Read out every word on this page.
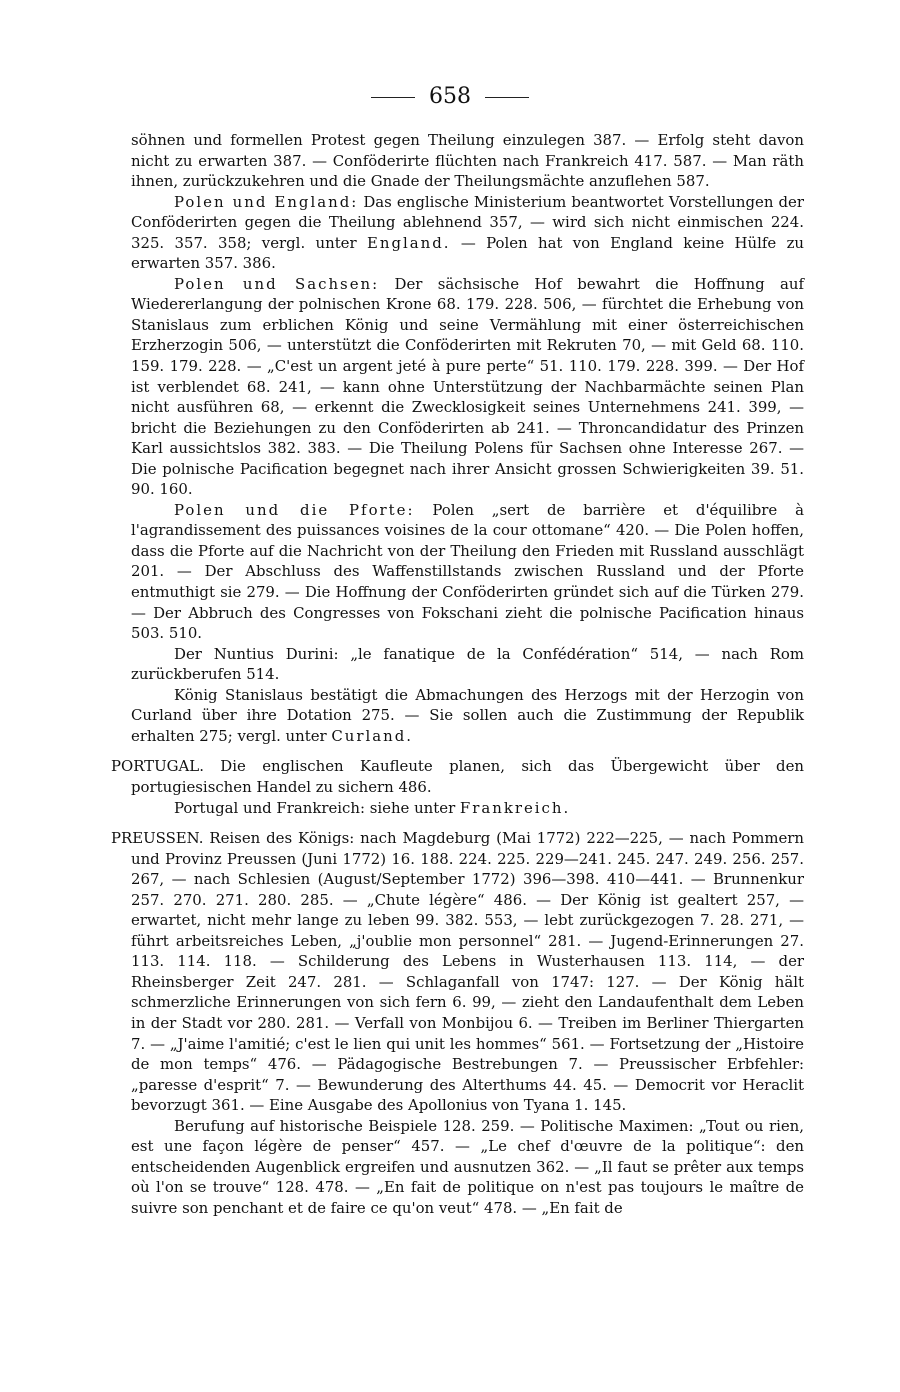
658

söhnen und formellen Protest gegen Theilung einzulegen 387. — Erfolg steht davon nicht zu erwarten 387. — Conföderirte flüchten nach Frankreich 417. 587. — Man räth ihnen, zurückzukehren und die Gnade der Theilungsmächte anzuflehen 587.

Polen und England: Das englische Ministerium beantwortet Vorstellungen der Conföderirten gegen die Theilung ablehnend 357, — wird sich nicht einmischen 224. 325. 357. 358; vergl. unter England. — Polen hat von England keine Hülfe zu erwarten 357. 386.

Polen und Sachsen: Der sächsische Hof bewahrt die Hoffnung auf Wiedererlangung der polnischen Krone 68. 179. 228. 506, — fürchtet die Erhebung von Stanislaus zum erblichen König und seine Vermählung mit einer österreichischen Erzherzogin 506, — unterstützt die Conföderirten mit Rekruten 70, — mit Geld 68. 110. 159. 179. 228. — „C'est un argent jeté à pure perte“ 51. 110. 179. 228. 399. — Der Hof ist verblendet 68. 241, — kann ohne Unterstützung der Nachbarmächte seinen Plan nicht ausführen 68, — erkennt die Zwecklosigkeit seines Unternehmens 241. 399, — bricht die Beziehungen zu den Conföderirten ab 241. — Throncandidatur des Prinzen Karl aussichtslos 382. 383. — Die Theilung Polens für Sachsen ohne Interesse 267. — Die polnische Pacification begegnet nach ihrer Ansicht grossen Schwierigkeiten 39. 51. 90. 160.

Polen und die Pforte: Polen „sert de barrière et d'équilibre à l'agrandissement des puissances voisines de la cour ottomane“ 420. — Die Polen hoffen, dass die Pforte auf die Nachricht von der Theilung den Frieden mit Russland ausschlägt 201. — Der Abschluss des Waffenstillstands zwischen Russland und der Pforte entmuthigt sie 279. — Die Hoffnung der Conföderirten gründet sich auf die Türken 279. — Der Abbruch des Congresses von Fokschani zieht die polnische Pacification hinaus 503. 510.

Der Nuntius Durini: „le fanatique de la Confédération“ 514, — nach Rom zurückberufen 514.

König Stanislaus bestätigt die Abmachungen des Herzogs mit der Herzogin von Curland über ihre Dotation 275. — Sie sollen auch die Zustimmung der Republik erhalten 275; vergl. unter Curland.

PORTUGAL. Die englischen Kaufleute planen, sich das Übergewicht über den portugiesischen Handel zu sichern 486.

Portugal und Frankreich: siehe unter Frankreich.

PREUSSEN. Reisen des Königs: nach Magdeburg (Mai 1772) 222—225, — nach Pommern und Provinz Preussen (Juni 1772) 16. 188. 224. 225. 229—241. 245. 247. 249. 256. 257. 267, — nach Schlesien (August/September 1772) 396—398. 410—441. — Brunnenkur 257. 270. 271. 280. 285. — „Chute légère“ 486. — Der König ist gealtert 257, — erwartet, nicht mehr lange zu leben 99. 382. 553, — lebt zurückgezogen 7. 28. 271, — führt arbeitsreiches Leben, „j'oublie mon personnel“ 281. — Jugend-Erinnerungen 27. 113. 114. 118. — Schilderung des Lebens in Wusterhausen 113. 114, — der Rheinsberger Zeit 247. 281. — Schlaganfall von 1747: 127. — Der König hält schmerzliche Erinnerungen von sich fern 6. 99, — zieht den Landaufenthalt dem Leben in der Stadt vor 280. 281. — Verfall von Monbijou 6. — Treiben im Berliner Thiergarten 7. — „J'aime l'amitié; c'est le lien qui unit les hommes“ 561. — Fortsetzung der „Histoire de mon temps“ 476. — Pädagogische Bestrebungen 7. — Preussischer Erbfehler: „paresse d'esprit“ 7. — Bewunderung des Alterthums 44. 45. — Democrit vor Heraclit bevorzugt 361. — Eine Ausgabe des Apollonius von Tyana 1. 145.

Berufung auf historische Beispiele 128. 259. — Politische Maximen: „Tout ou rien, est une façon légère de penser“ 457. — „Le chef d'œuvre de la politique“: den entscheidenden Augenblick ergreifen und ausnutzen 362. — „Il faut se prêter aux temps où l'on se trouve“ 128. 478. — „En fait de politique on n'est pas toujours le maître de suivre son penchant et de faire ce qu'on veut“ 478. — „En fait de
